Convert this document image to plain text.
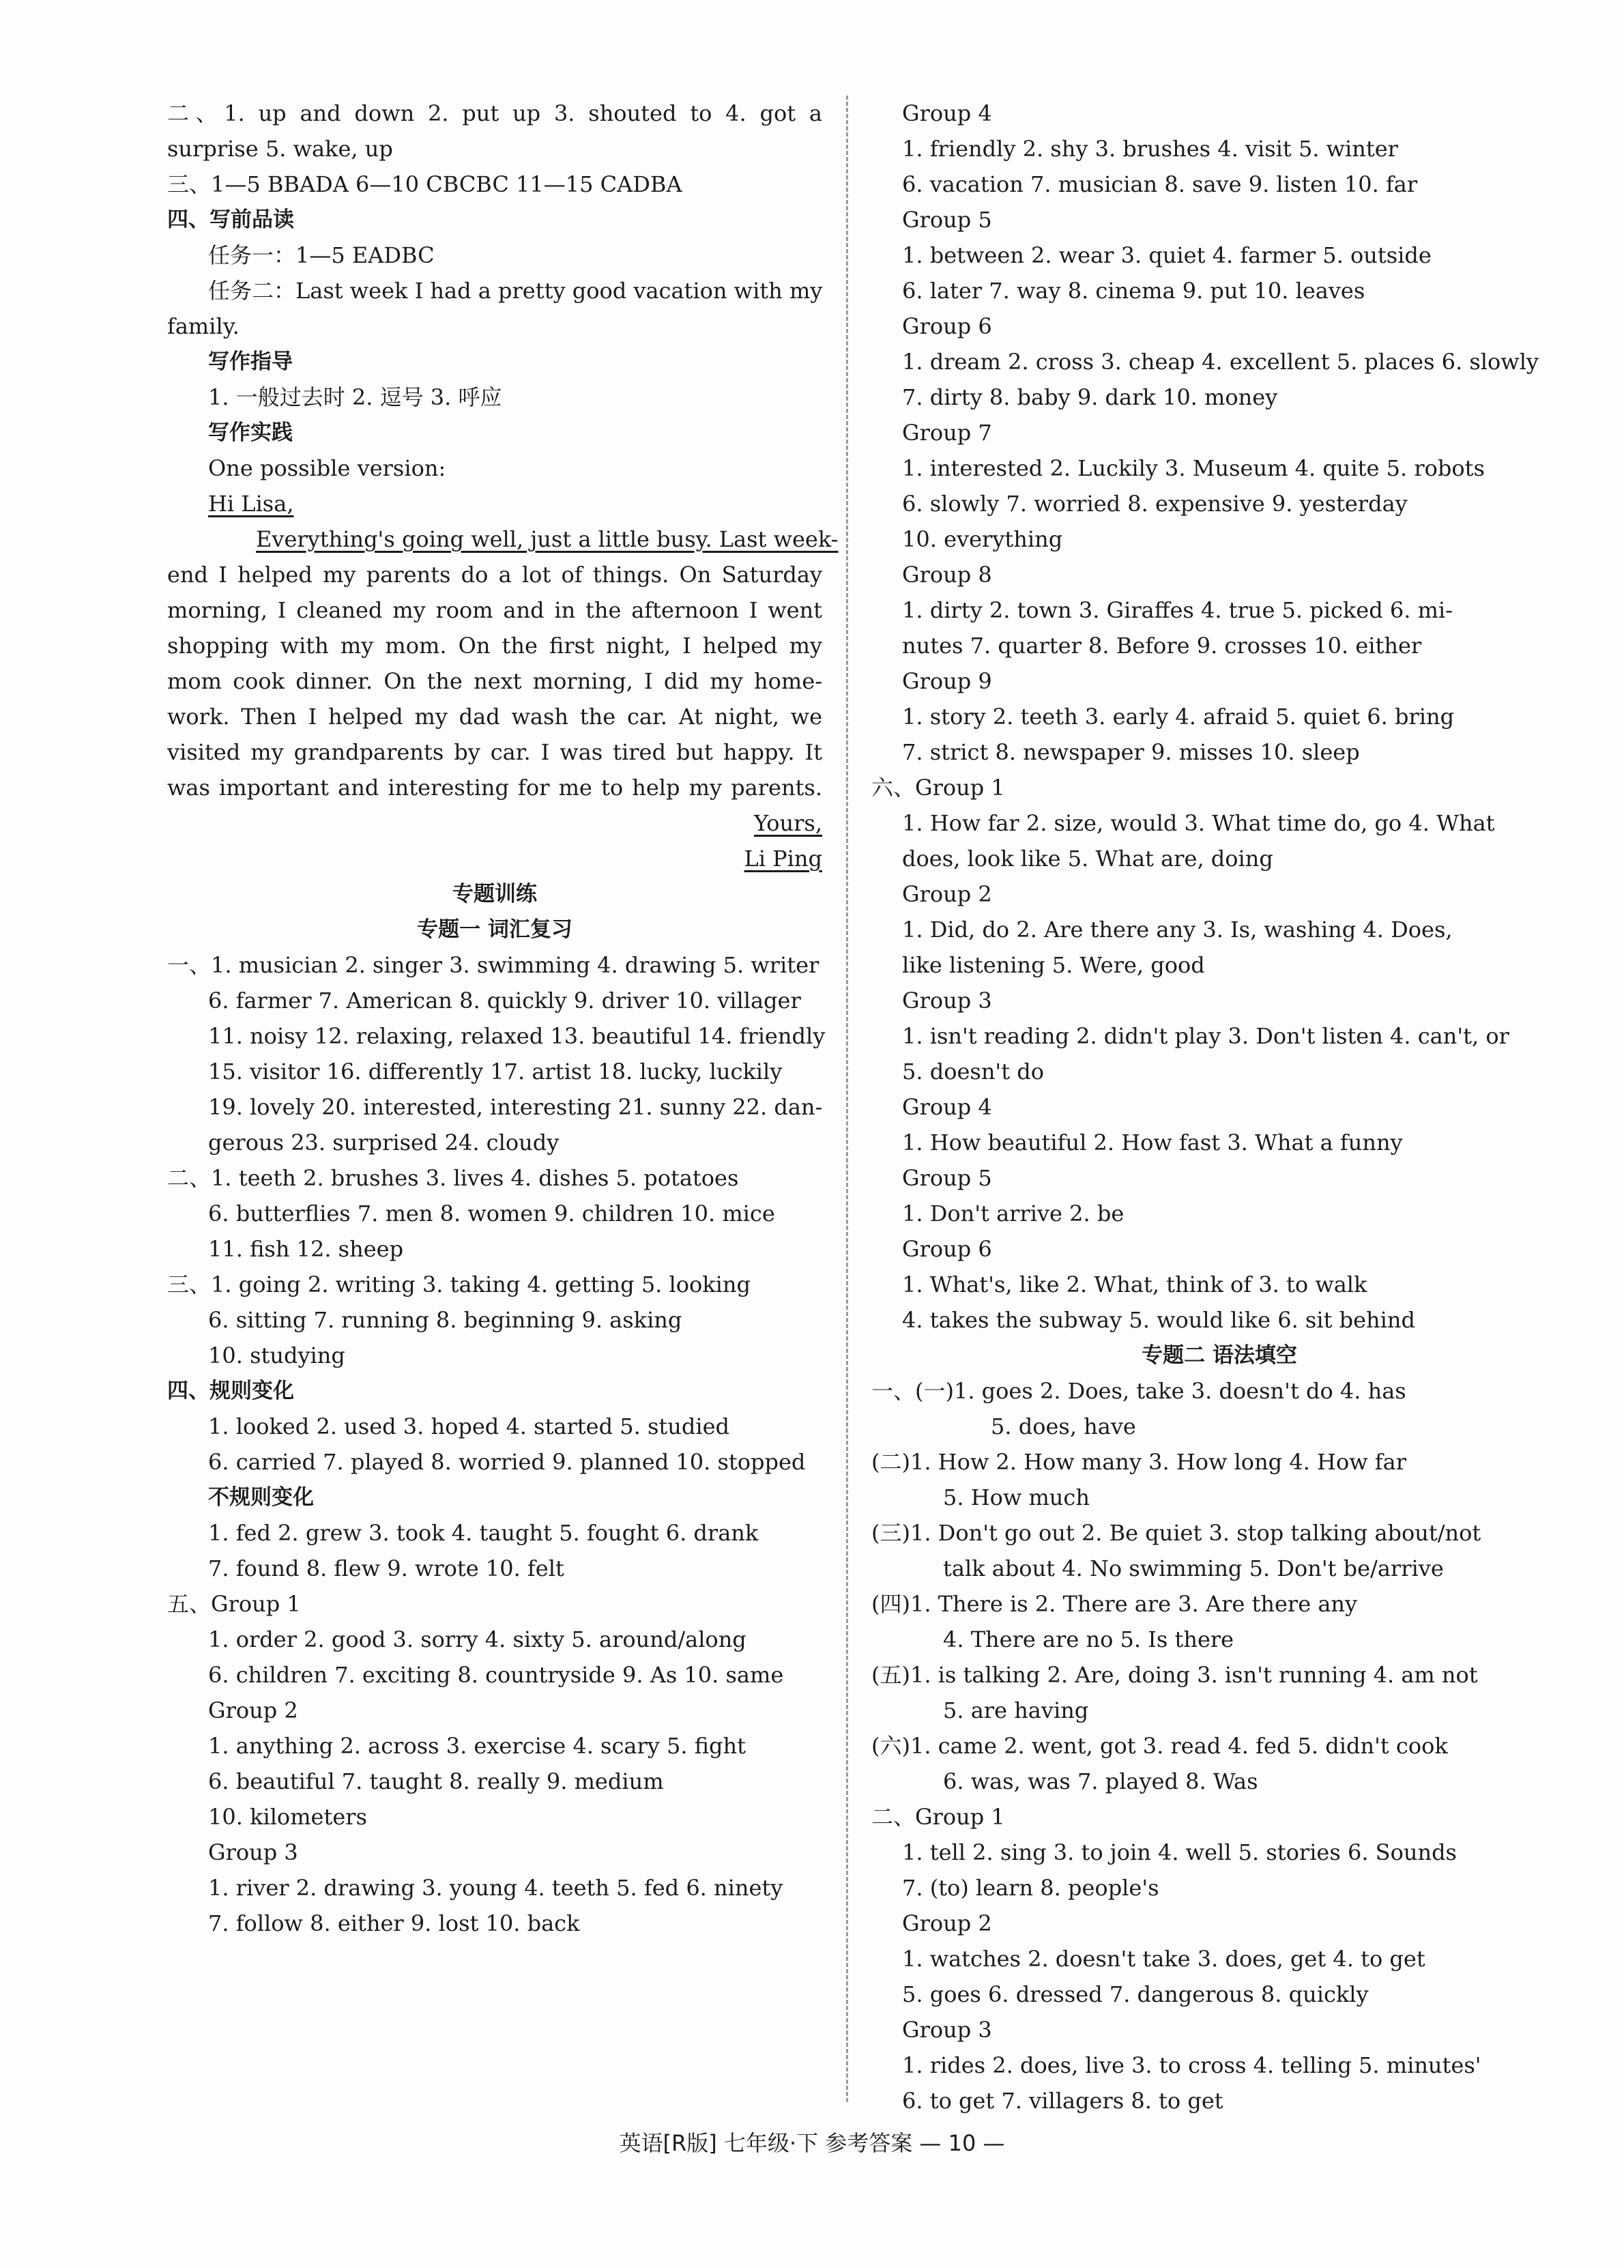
二、1. up and down 2. put up 3. shouted to 4. got a
surprise 5. wake, up
三、1—5 BBADA 6—10 CBCBC 11—15 CADBA
四、写前品读
任务一：1—5 EADBC
任务二：Last week I had a pretty good vacation with my
family.
写作指导
1. 一般过去时 2. 逗号 3. 呼应
写作实践
One possible version:
Hi Lisa,
Everything's going well, just a little busy. Last week-
end I helped my parents do a lot of things. On Saturday
morning, I cleaned my room and in the afternoon I went
shopping with my mom. On the first night, I helped my
mom cook dinner. On the next morning, I did my home-
work. Then I helped my dad wash the car. At night, we
visited my grandparents by car. I was tired but happy. It
was important and interesting for me to help my parents.
Yours,
Li Ping
专题训练
专题一 词汇复习
一、1. musician 2. singer 3. swimming 4. drawing 5. writer
6. farmer 7. American 8. quickly 9. driver 10. villager
11. noisy 12. relaxing, relaxed 13. beautiful 14. friendly
15. visitor 16. differently 17. artist 18. lucky, luckily
19. lovely 20. interested, interesting 21. sunny 22. dan-
gerous 23. surprised 24. cloudy
二、1. teeth 2. brushes 3. lives 4. dishes 5. potatoes
6. butterflies 7. men 8. women 9. children 10. mice
11. fish 12. sheep
三、1. going 2. writing 3. taking 4. getting 5. looking
6. sitting 7. running 8. beginning 9. asking
10. studying
四、规则变化
1. looked 2. used 3. hoped 4. started 5. studied
6. carried 7. played 8. worried 9. planned 10. stopped
不规则变化
1. fed 2. grew 3. took 4. taught 5. fought 6. drank
7. found 8. flew 9. wrote 10. felt
五、Group 1
1. order 2. good 3. sorry 4. sixty 5. around/along
6. children 7. exciting 8. countryside 9. As 10. same
Group 2
1. anything 2. across 3. exercise 4. scary 5. fight
6. beautiful 7. taught 8. really 9. medium
10. kilometers
Group 3
1. river 2. drawing 3. young 4. teeth 5. fed 6. ninety
7. follow 8. either 9. lost 10. back
Group 4
1. friendly 2. shy 3. brushes 4. visit 5. winter
6. vacation 7. musician 8. save 9. listen 10. far
Group 5
1. between 2. wear 3. quiet 4. farmer 5. outside
6. later 7. way 8. cinema 9. put 10. leaves
Group 6
1. dream 2. cross 3. cheap 4. excellent 5. places 6. slowly
7. dirty 8. baby 9. dark 10. money
Group 7
1. interested 2. Luckily 3. Museum 4. quite 5. robots
6. slowly 7. worried 8. expensive 9. yesterday
10. everything
Group 8
1. dirty 2. town 3. Giraffes 4. true 5. picked 6. mi-
nutes 7. quarter 8. Before 9. crosses 10. either
Group 9
1. story 2. teeth 3. early 4. afraid 5. quiet 6. bring
7. strict 8. newspaper 9. misses 10. sleep
六、Group 1
1. How far 2. size, would 3. What time do, go 4. What
does, look like 5. What are, doing
Group 2
1. Did, do 2. Are there any 3. Is, washing 4. Does,
like listening 5. Were, good
Group 3
1. isn't reading 2. didn't play 3. Don't listen 4. can't, or
5. doesn't do
Group 4
1. How beautiful 2. How fast 3. What a funny
Group 5
1. Don't arrive 2. be
Group 6
1. What's, like 2. What, think of 3. to walk
4. takes the subway 5. would like 6. sit behind
专题二 语法填空
一、(一)1. goes 2. Does, take 3. doesn't do 4. has
5. does, have
(二)1. How 2. How many 3. How long 4. How far
5. How much
(三)1. Don't go out 2. Be quiet 3. stop talking about/not
talk about 4. No swimming 5. Don't be/arrive
(四)1. There is 2. There are 3. Are there any
4. There are no 5. Is there
(五)1. is talking 2. Are, doing 3. isn't running 4. am not
5. are having
(六)1. came 2. went, got 3. read 4. fed 5. didn't cook
6. was, was 7. played 8. Was
二、Group 1
1. tell 2. sing 3. to join 4. well 5. stories 6. Sounds
7. (to) learn 8. people's
Group 2
1. watches 2. doesn't take 3. does, get 4. to get
5. goes 6. dressed 7. dangerous 8. quickly
Group 3
1. rides 2. does, live 3. to cross 4. telling 5. minutes'
6. to get 7. villagers 8. to get
英语[R版] 七年级·下 参考答案 — 10 —
